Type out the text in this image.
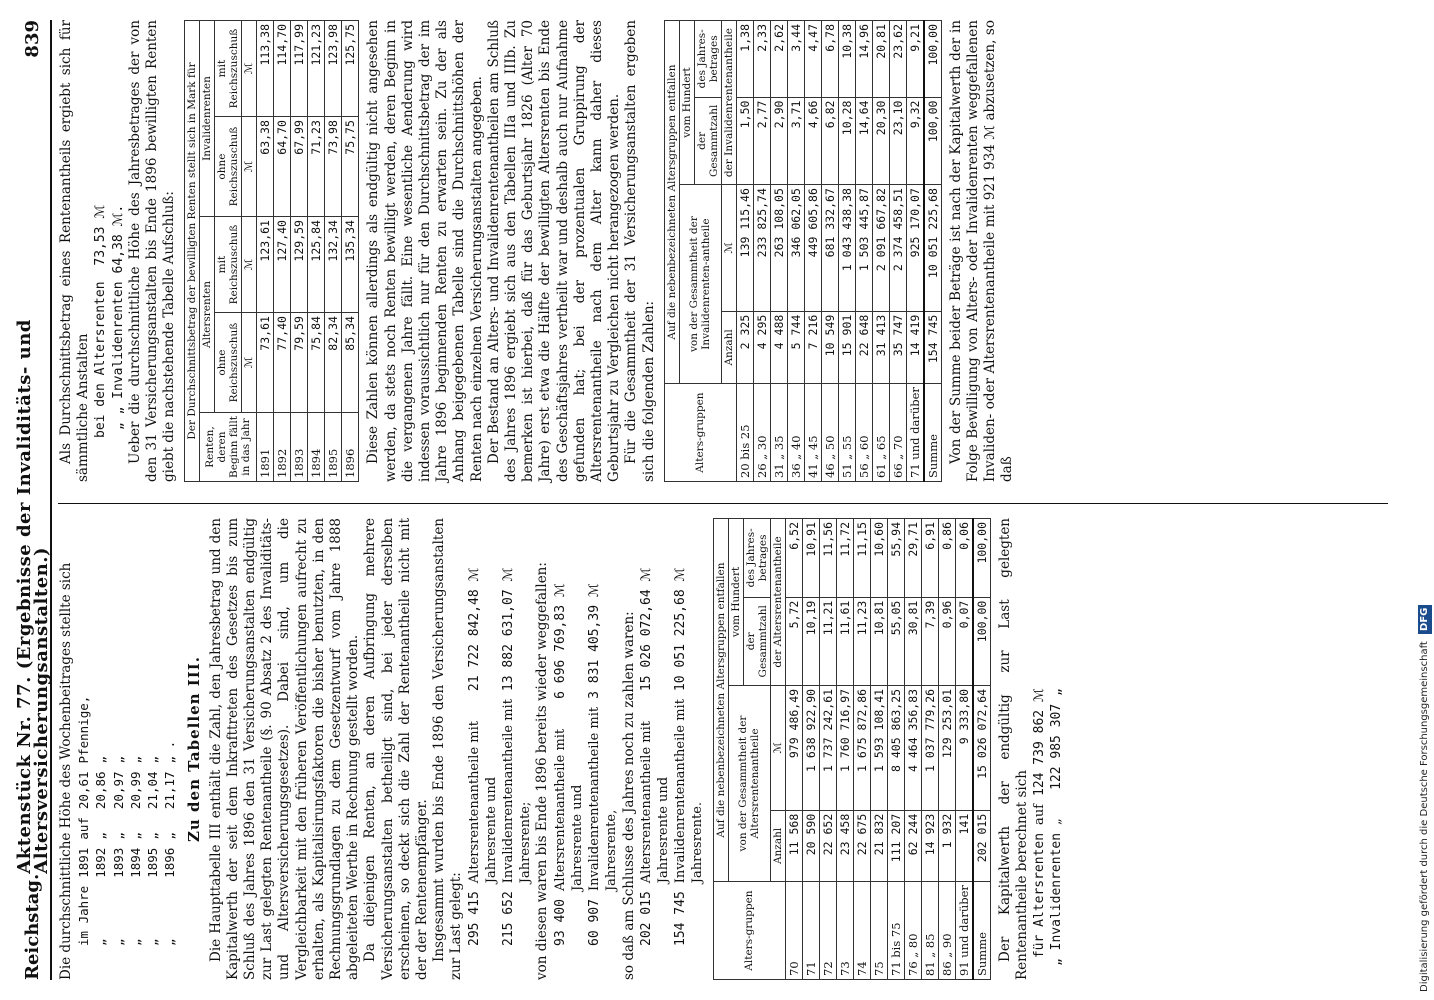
Reichstag.
Aktenstück Nr. 77. (Ergebnisse der Invaliditäts- und Altersversicherungsanstalten.)
839

Die durchschnittliche Höhe des Wochenbeitrages stellte sich im Jahre	1891	auf	20,61	Pfennige,
„	1892	„	20,86	„
„	1893	„	20,97	„
„	1894	„	20,99	„
„	1895	„	21,04	„
„	1896	„	21,17	„ . Zu den Tabellen III. Die Haupttabelle III enthält die Zahl, den Jahresbetrag und den Kapitalwerth der seit dem Inkrafttreten des Gesetzes bis zum Schluß des Jahres 1896 den 31 Versicherungsanstalten endgültig zur Last gelegten Rentenantheile (§. 90 Absatz 2 des Invaliditäts- und Altersversicherungsgesetzes). Dabei sind, um die Vergleichbarkeit mit den früheren Veröffentlichungen aufrecht zu erhalten, als Kapitalisirungsfaktoren die bisher benutzten, in den Rechnungsgrundlagen zu dem Gesetzentwurf vom Jahre 1888 abgeleiteten Werthe in Rechnung gestellt worden. Da diejenigen Renten, an deren Aufbringung mehrere Versicherungsanstalten betheiligt sind, bei jeder derselben erscheinen, so deckt sich die Zahl der Rentenantheile nicht mit der der Rentenempfänger. Insgesammt wurden bis Ende 1896 den Versicherungsanstalten zur Last gelegt: 295 415	Altersrentenantheile mit	21 722 842,48 ℳ
	Jahresrente und	
215 652	Invalidenrentenantheile mit	13 882 631,07 ℳ
	Jahresrente;	von diesen waren bis Ende 1896 bereits wieder weggefallen: 93 400	Altersrentenantheile mit	6 696 769,83 ℳ
	Jahresrente und	
60 907	Invalidenrentenantheile mit	3 831 405,39 ℳ
	Jahresrente,	so daß am Schlusse des Jahres noch zu zahlen waren: 202 015	Altersrentenantheile mit	15 026 072,64 ℳ
	Jahresrente und	
154 745	Invalidenrentenantheile mit	10 051 225,68 ℳ
	Jahresrente.	
Alters-gruppen	Auf die nebenbezeichneten Altersgruppen entfallen			
	von der Gesammtheit der Altersrentenantheile		vom Hundert	
			der Gesammtzahl	des Jahres-betrages
	Anzahl	ℳ	der Altersrentenantheile	
70	11 568	979 486,49	5,72	6,52
71	20 590	1 638 922,90	10,19	10,91
72	22 652	1 737 242,61	11,21	11,56
73	23 458	1 760 716,97	11,61	11,72
74	22 675	1 675 872,86	11,23	11,15
75	21 832	1 593 108,41	10,81	10,60
71 bis 75	111 207	8 405 863,25	55,05	55,94
76 „ 80	62 244	4 464 356,83	30,81	29,71
81 „ 85	14 923	1 037 779,26	7,39	6,91
86 „ 90	1 932	129 253,01	0,96	0,86
91 und darüber	141	9 333,80	0,07	0,06
Summe	202 015	15 026 072,64	100,00	100,00 Der Kapitalwerth der endgültig zur Last gelegten Rentenantheile berechnet sich für Altersrenten	auf	124 739 862 ℳ
„ Invalidenrenten	„	122 985 307 „

Als Durchschnittsbetrag eines Rentenantheils ergiebt sich für sämmtliche Anstalten bei den Altersrenten	73,53 ℳ
„ „ Invalidenrenten	64,38 ℳ. Ueber die durchschnittliche Höhe des Jahresbetrages der von den 31 Versicherungsanstalten bis Ende 1896 bewilligten Renten giebt die nachstehende Tabelle Aufschluß: Der Durchschnittsbetrag der bewilligten Renten stellt sich in Mark für				
Renten, deren Beginn fällt in das Jahr	Altersrenten		Invalidenrenten	
	ohne Reichszuschuß	mit Reichszuschuß	ohne Reichszuschuß	mit Reichszuschuß
	ℳ	ℳ	ℳ	ℳ
1891	73,61	123,61	63,38	113,38
1892	77,40	127,40	64,70	114,70
1893	79,59	129,59	67,99	117,99
1894	75,84	125,84	71,23	121,23
1895	82,34	132,34	73,98	123,98
1896	85,34	135,34	75,75	125,75 Diese Zahlen können allerdings als endgültig nicht angesehen werden, da stets noch Renten bewilligt werden, deren Beginn in die vergangenen Jahre fällt. Eine wesentliche Aenderung wird indessen voraussichtlich nur für den Durchschnittsbetrag der im Jahre 1896 beginnenden Renten zu erwarten sein. Zu der als Anhang beigegebenen Tabelle sind die Durchschnittshöhen der Renten nach einzelnen Versicherungsanstalten angegeben. Der Bestand an Alters- und Invalidenrentenantheilen am Schluß des Jahres 1896 ergiebt sich aus den Tabellen IIIa und IIIb. Zu bemerken ist hierbei, daß für das Geburtsjahr 1826 (Alter 70 Jahre) erst etwa die Hälfte der bewilligten Altersrenten bis Ende des Geschäftsjahres vertheilt war und deshalb auch nur Aufnahme gefunden hat; bei der prozentualen Gruppirung der Altersrentenantheile nach dem Alter kann daher dieses Geburtsjahr zu Vergleichen nicht herangezogen werden. Für die Gesammtheit der 31 Versicherungsanstalten ergeben sich die folgenden Zahlen:	Alters-gruppen	Auf die nebenbezeichneten Altersgruppen entfallen			
	von der Gesammtheit der Invalidenrenten-antheile		vom Hundert	
			der Gesammtzahl	des Jahres-betrages
	Anzahl	ℳ	der Invalidenrentenantheile	
20 bis 25	2 325	139 115,46	1,50	1,38
26 „ 30	4 295	233 825,74	2,77	2,33
31 „ 35	4 488	263 108,05	2,90	2,62
36 „ 40	5 744	346 062,05	3,71	3,44
41 „ 45	7 216	449 605,86	4,66	4,47
46 „ 50	10 549	681 332,67	6,82	6,78
51 „ 55	15 901	1 043 438,38	10,28	10,38
56 „ 60	22 648	1 503 445,87	14,64	14,96
61 „ 65	31 413	2 091 667,82	20,30	20,81
66 „ 70	35 747	2 374 458,51	23,10	23,62
71 und darüber	14 419	925 170,07	9,32	9,21
Summe	154 745	10 051 225,68	100,00	100,00 Von der Summe beider Beträge ist nach der Kapitalwerth der in Folge Bewilligung von Alters- oder Invalidenrenten weggefallenen Invaliden- oder Altersrentenantheile mit 921 934 ℳ abzusetzen, so daß

Digitalisierung gefördert durch die Deutsche Forschungsgemeinschaft DFG
